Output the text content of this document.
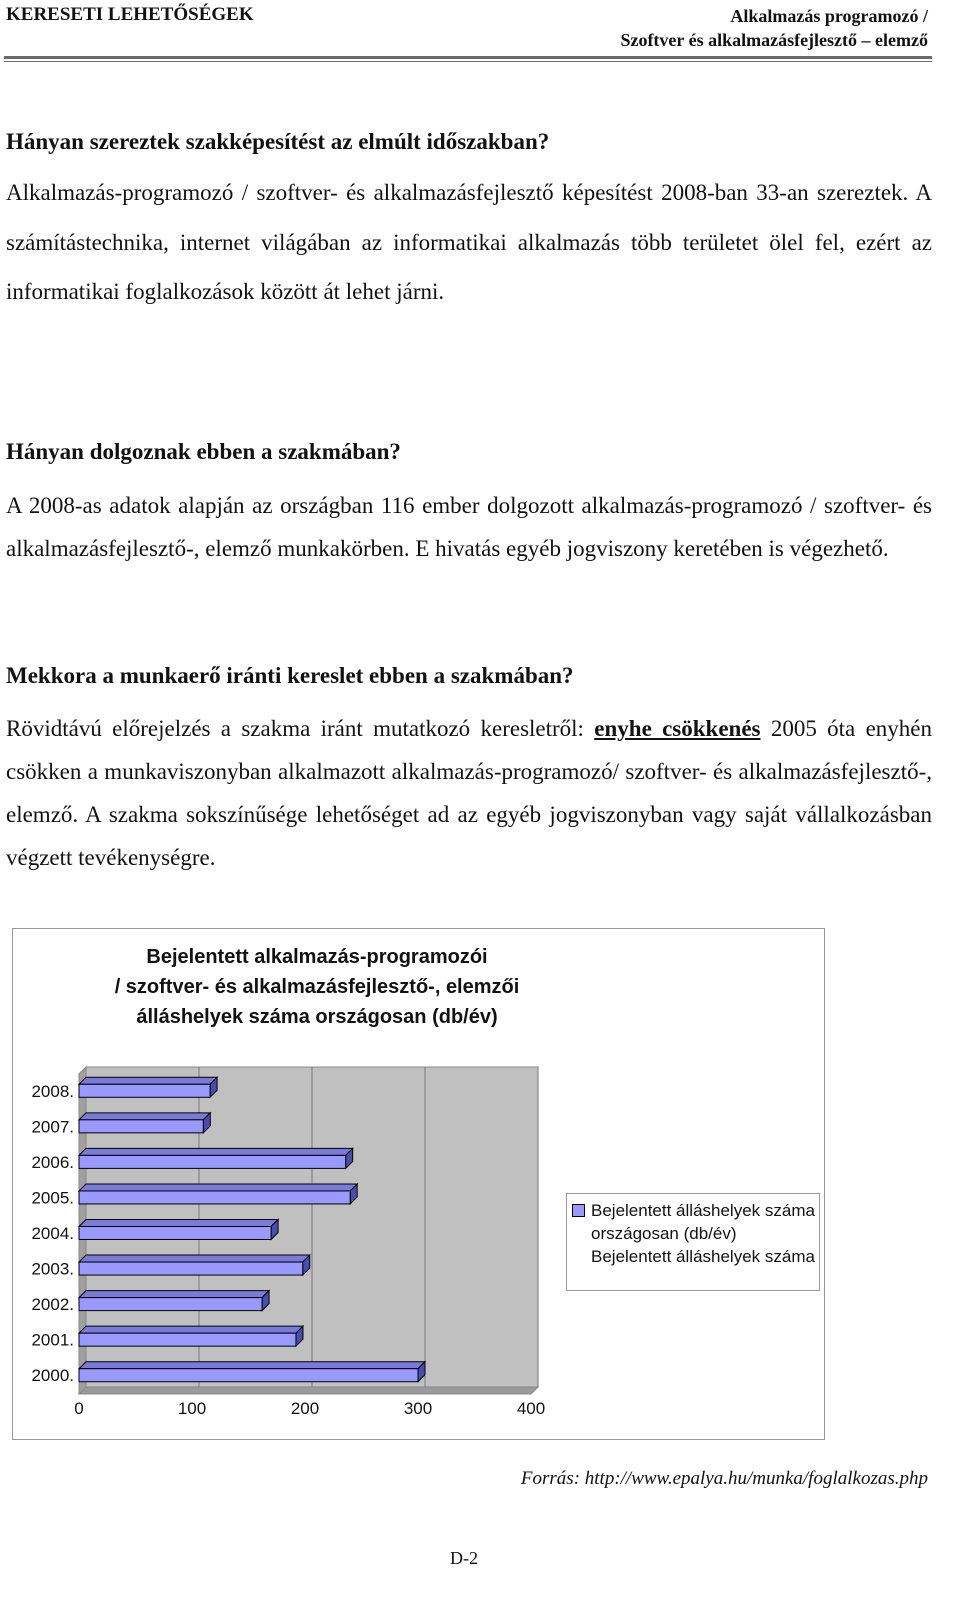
KERESETI LEHETŐSÉGEK	Alkalmazás programozó /
Szoftver és alkalmazásfejlesztő – elemző
Hányan szereztek szakképesítést az elmúlt időszakban?
Alkalmazás-programozó / szoftver- és alkalmazásfejlesztő képesítést 2008-ban 33-an szereztek. A számítástechnika, internet világában az informatikai alkalmazás több területet ölel fel, ezért az informatikai foglalkozások között át lehet járni.
Hányan dolgoznak ebben a szakmában?
A 2008-as adatok alapján az országban 116 ember dolgozott alkalmazás-programozó / szoftver- és alkalmazásfejlesztő-, elemző munkakörben. E hivatás egyéb jogviszony keretében is végezhető.
Mekkora a munkaerő iránti kereslet ebben a szakmában?
Rövidtávú előrejelzés a szakma iránt mutatkozó keresletről: enyhe csökkenés 2005 óta enyhén csökken a munkaviszonyban alkalmazott alkalmazás-programozó/ szoftver- és alkalmazásfejlesztő-, elemző. A szakma sokszínűsége lehetőséget ad az egyéb jogviszonyban vagy saját vállalkozásban végzett tevékenységre.
Bejelentett alkalmazás-programozói
/ szoftver- és alkalmazásfejlesztő-, elemzői
álláshelyek száma országosan (db/év)
0	100	200	300	400
2008.
2007.
2006.
2005.
2004.
2003.
2002.
2001.
2000.
Bejelentett álláshelyek száma országosan (db/év) Bejelentett álláshelyek száma
Forrás: http://www.epalya.hu/munka/foglalkozas.php
D-2
